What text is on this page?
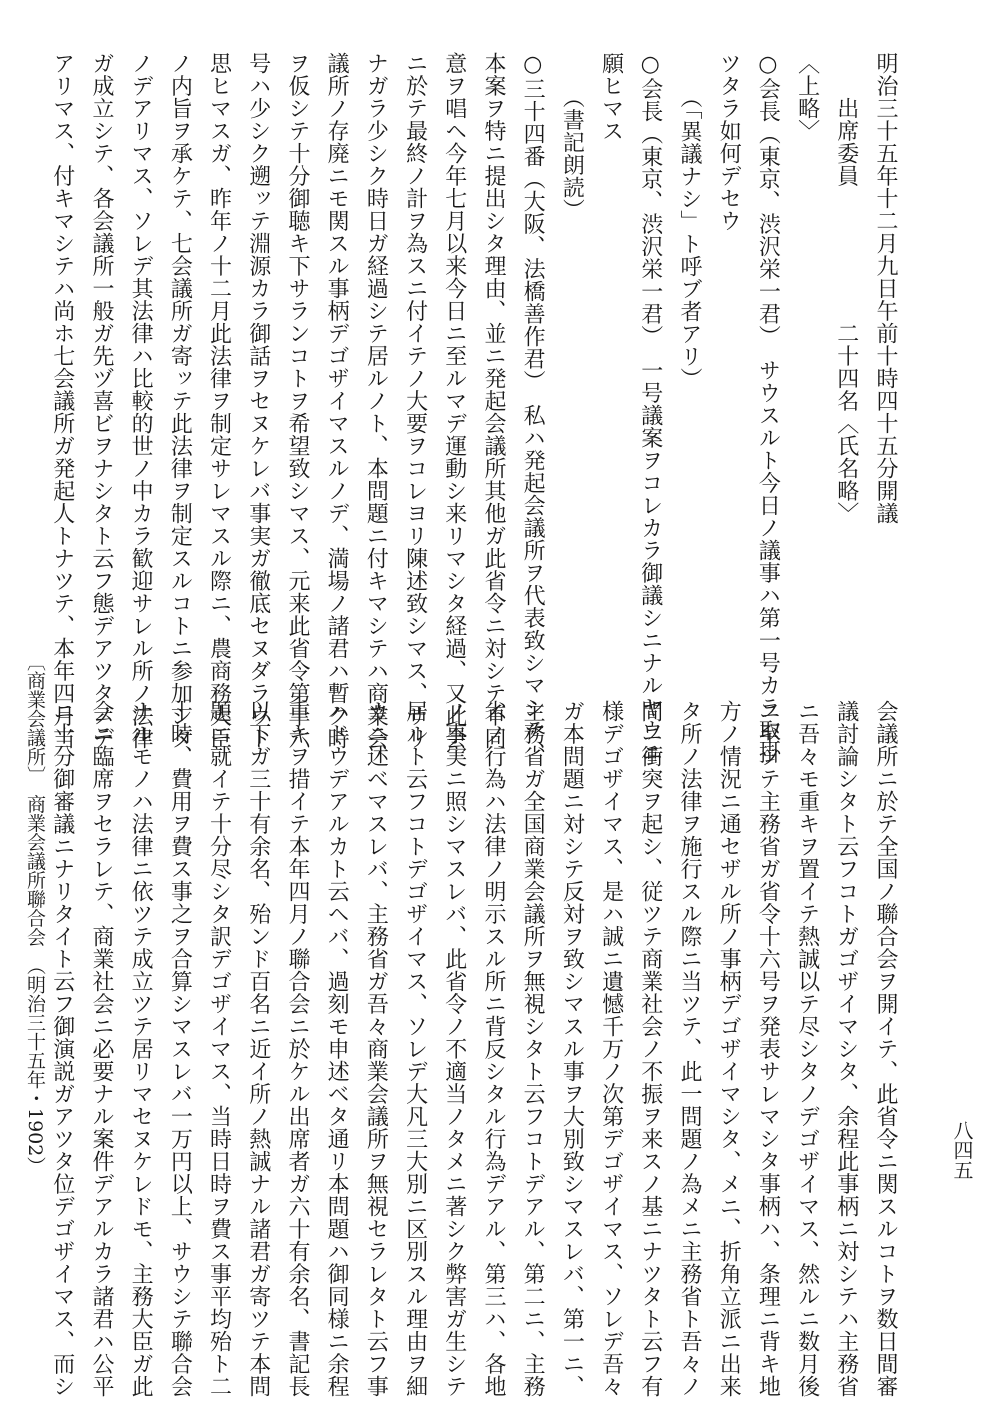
明治三十五年十二月九日午前十時四十五分開議
　　出席委員　　　　　　二十四名〈氏名略〉
〈上略〉
○会長（東京、渋沢栄一君）　サウスルト今日ノ議事ハ第一号カラ取掛
ツタラ如何デセウ
　　（「異議ナシ」ト呼ブ者アリ）
○会長（東京、渋沢栄一君）　一号議案ヲコレカラ御議シニナルヤウニ
願ヒマス
　　（書記朗読）
○三十四番（大阪、法橋善作君）　私ハ発起会議所ヲ代表致シマシテ、
本案ヲ特ニ提出シタ理由、並ニ発起会議所其他ガ此省令ニ対シテ不同
意ヲ唱ヘ今年七月以来今日ニ至ルマデ運動シ来リマシタ経過、又此会
ニ於テ最終ノ計ヲ為スニ付イテノ大要ヲコレヨリ陳述致シマス、サリ
ナガラ少シク時日ガ経過シテ居ルノト、本問題ニ付キマシテハ商業会
議所ノ存廃ニモ関スル事柄デゴザイマスルノデ、満場ノ諸君ハ暫ク時
ヲ仮シテ十分御聴キ下サランコトヲ希望致シマス、元来此省令第十六
号ハ少シク遡ッテ淵源カラ御話ヲセヌケレバ事実ガ徹底セヌダラウト
思ヒマスガ、昨年ノ十二月此法律ヲ制定サレマスル際ニ、農商務大臣
ノ内旨ヲ承ケテ、七会議所ガ寄ッテ此法律ヲ制定スルコトニ参加シタ
ノデアリマス、ソレデ其法律ハ比較的世ノ中カラ歓迎サレル所ノ法律
ガ成立シテ、各会議所一般ガ先ヅ喜ビヲナシタト云フ態デアツタノデ
アリマス、付キマシテハ尚ホ七会議所ガ発起人トナツテ、本年四月当
会議所ニ於テ全国ノ聯合会ヲ開イテ、此省令ニ関スルコトヲ数日間審
議討論シタト云フコトガゴザイマシタ、余程此事柄ニ対シテハ主務省
ニ吾々モ重キヲ置イテ熱誠以テ尽シタノデゴザイマス、然ルニ数月後
ニ至ツテ主務省ガ省令十六号ヲ発表サレマシタ事柄ハ、条理ニ背キ地
方ノ情況ニ通セザル所ノ事柄デゴザイマシタ、メニ、折角立派ニ出来
タ所ノ法律ヲ施行スル際ニ当ツテ、此一問題ノ為メニ主務省ト吾々ノ
間ニ衝突ヲ起シ、従ツテ商業社会ノ不振ヲ来スノ基ニナツタト云フ有
様デゴザイマス、是ハ誠ニ遺憾千万ノ次第デゴザイマス、ソレデ吾々
ガ本問題ニ対シテ反対ヲ致シマスル事ヲ大別致シマスレバ、第一ニ、
主務省ガ全国商業会議所ヲ無視シタト云フコトデアル、第二ニ、主務
省ノ行為ハ法律ノ明示スル所ニ背反シタル行為デアル、第三ハ、各地
ノ事実ニ照シマスレバ、此省令ノ不適当ノタメニ著シク弊害ガ生シテ
居ルト云フコトデゴザイマス、ソレデ大凡三大別ニ区別スル理由ヲ細
カニ述ベマスレバ、主務省ガ吾々商業会議所ヲ無視セラレタト云フ事
ハドウデアルカト云ヘバ、過刻モ申述ベタ通リ本問題ハ御同様ニ余程
重キヲ措イテ本年四月ノ聯合会ニ於ケル出席者ガ六十有余名、書記長
以下ガ三十有余名、殆ンド百名ニ近イ所ノ熱誠ナル諸君ガ寄ツテ本問
題ニ就イテ十分尽シタ訳デゴザイマス、当時日時ヲ費ス事平均殆ト二
十時、費用ヲ費ス事之ヲ合算シマスレバ一万円以上、サウシテ聯合会
ナルモノハ法律ニ依ツテ成立ツテ居リマセヌケレドモ、主務大臣ガ此
会ニ臨席ヲセラレテ、商業社会ニ必要ナル案件デアルカラ諸君ハ公平
ニ十分御審議ニナリタイト云フ御演説ガアツタ位デゴザイマス、而シ
〔商業会議所〕　商業会議所聯合会　（明治三十五年・1902）	八四五
